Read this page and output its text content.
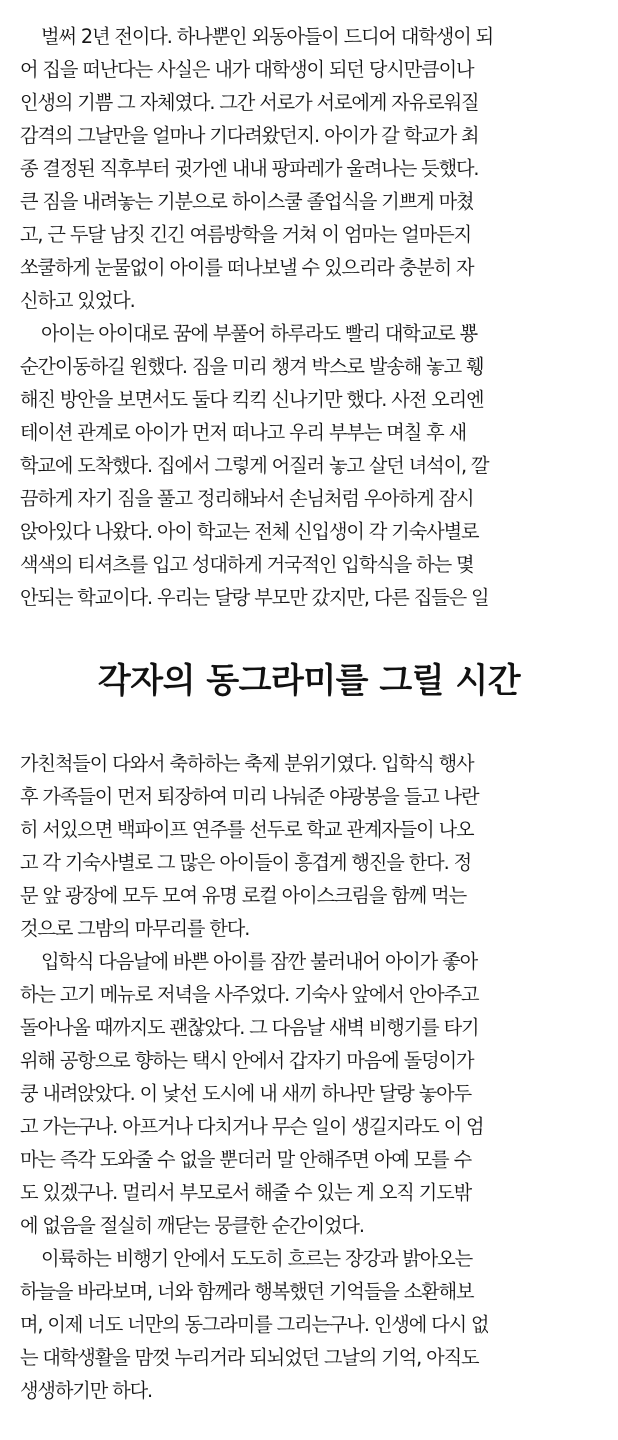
벌써 2년 전이다. 하나뿐인 외동아들이 드디어 대학생이 되
어 집을 떠난다는 사실은 내가 대학생이 되던 당시만큼이나
인생의 기쁨 그 자체였다. 그간 서로가 서로에게 자유로워질
감격의 그날만을 얼마나 기다려왔던지. 아이가 갈 학교가 최
종 결정된 직후부터 귓가엔 내내 팡파레가 울려나는 듯했다.
큰 짐을 내려놓는 기분으로 하이스쿨 졸업식을 기쁘게 마쳤
고, 근 두달 남짓 긴긴 여름방학을 거쳐 이 엄마는 얼마든지
쏘쿨하게 눈물없이 아이를 떠나보낼 수 있으리라 충분히 자
신하고 있었다.
아이는 아이대로 꿈에 부풀어 하루라도 빨리 대학교로 뿅
순간이동하길 원했다. 짐을 미리 챙겨 박스로 발송해 놓고 휑
해진 방안을 보면서도 둘다 킥킥 신나기만 했다. 사전 오리엔
테이션 관계로 아이가 먼저 떠나고 우리 부부는 며칠 후 새
학교에 도착했다. 집에서 그렇게 어질러 놓고 살던 녀석이, 깔
끔하게 자기 짐을 풀고 정리해놔서 손님처럼 우아하게 잠시
앉아있다 나왔다. 아이 학교는 전체 신입생이 각 기숙사별로
색색의 티셔츠를 입고 성대하게 거국적인 입학식을 하는 몇
안되는 학교이다. 우리는 달랑 부모만 갔지만, 다른 집들은 일
각자의 동그라미를 그릴 시간
가친척들이 다와서 축하하는 축제 분위기였다. 입학식 행사
후 가족들이 먼저 퇴장하여 미리 나눠준 야광봉을 들고 나란
히 서있으면 백파이프 연주를 선두로 학교 관계자들이 나오
고 각 기숙사별로 그 많은 아이들이 흥겹게 행진을 한다. 정
문 앞 광장에 모두 모여 유명 로컬 아이스크림을 함께 먹는
것으로 그밤의 마무리를 한다.
입학식 다음날에 바쁜 아이를 잠깐 불러내어 아이가 좋아
하는 고기 메뉴로 저녁을 사주었다. 기숙사 앞에서 안아주고
돌아나올 때까지도 괜찮았다. 그 다음날 새벽 비행기를 타기
위해 공항으로 향하는 택시 안에서 갑자기 마음에 돌덩이가
쿵 내려앉았다. 이 낯선 도시에 내 새끼 하나만 달랑 놓아두
고 가는구나. 아프거나 다치거나 무슨 일이 생길지라도 이 엄
마는 즉각 도와줄 수 없을 뿐더러 말 안해주면 아예 모를 수
도 있겠구나. 멀리서 부모로서 해줄 수 있는 게 오직 기도밖
에 없음을 절실히 깨닫는 뭉클한 순간이었다.
이륙하는 비행기 안에서 도도히 흐르는 장강과 밝아오는
하늘을 바라보며, 너와 함께라 행복했던 기억들을 소환해보
며, 이제 너도 너만의 동그라미를 그리는구나. 인생에 다시 없
는 대학생활을 맘껏 누리거라 되뇌었던 그날의 기억, 아직도
생생하기만 하다.
